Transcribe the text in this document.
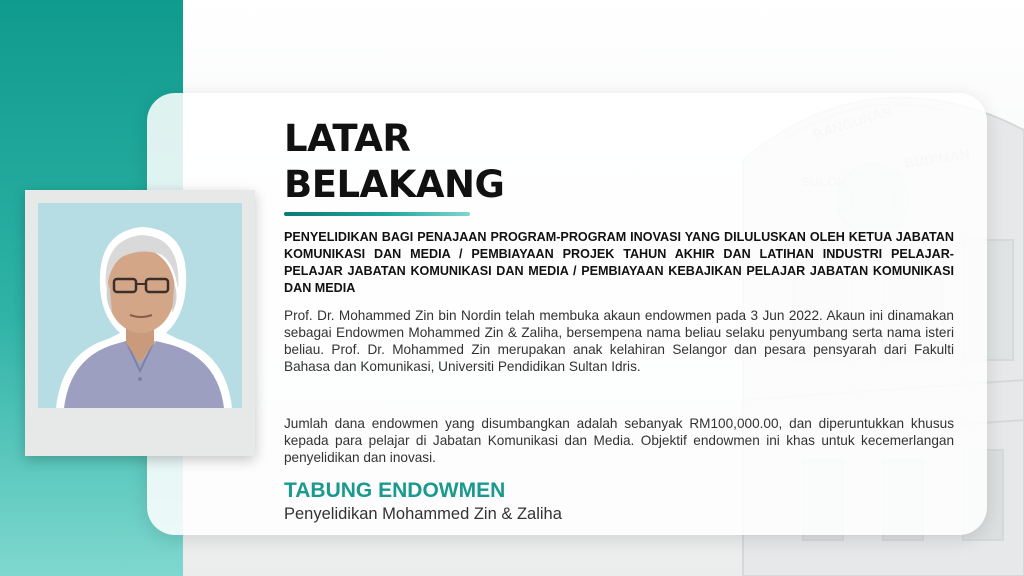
LATAR
BELAKANG

PENYELIDIKAN BAGI PENAJAAN PROGRAM-PROGRAM INOVASI YANG DILULUSKAN OLEH KETUA JABATAN KOMUNIKASI DAN MEDIA / PEMBIAYAAN PROJEK TAHUN AKHIR DAN LATIHAN INDUSTRI PELAJAR-PELAJAR JABATAN KOMUNIKASI DAN MEDIA / PEMBIAYAAN KEBAJIKAN PELAJAR JABATAN KOMUNIKASI DAN MEDIA

Prof. Dr. Mohammed Zin bin Nordin telah membuka akaun endowmen pada 3 Jun 2022. Akaun ini dinamakan sebagai Endowmen Mohammed Zin & Zaliha, bersempena nama beliau selaku penyumbang serta nama isteri beliau. Prof. Dr. Mohammed Zin merupakan anak kelahiran Selangor dan pesara pensyarah dari Fakulti Bahasa dan Komunikasi, Universiti Pendidikan Sultan Idris.

Jumlah dana endowmen yang disumbangkan adalah sebanyak RM100,000.00, dan diperuntukkan khusus kepada para pelajar di Jabatan Komunikasi dan Media. Objektif endowmen ini khas untuk kecemerlangan penyelidikan dan inovasi.

TABUNG ENDOWMEN

Penyelidikan Mohammed Zin & Zaliha
